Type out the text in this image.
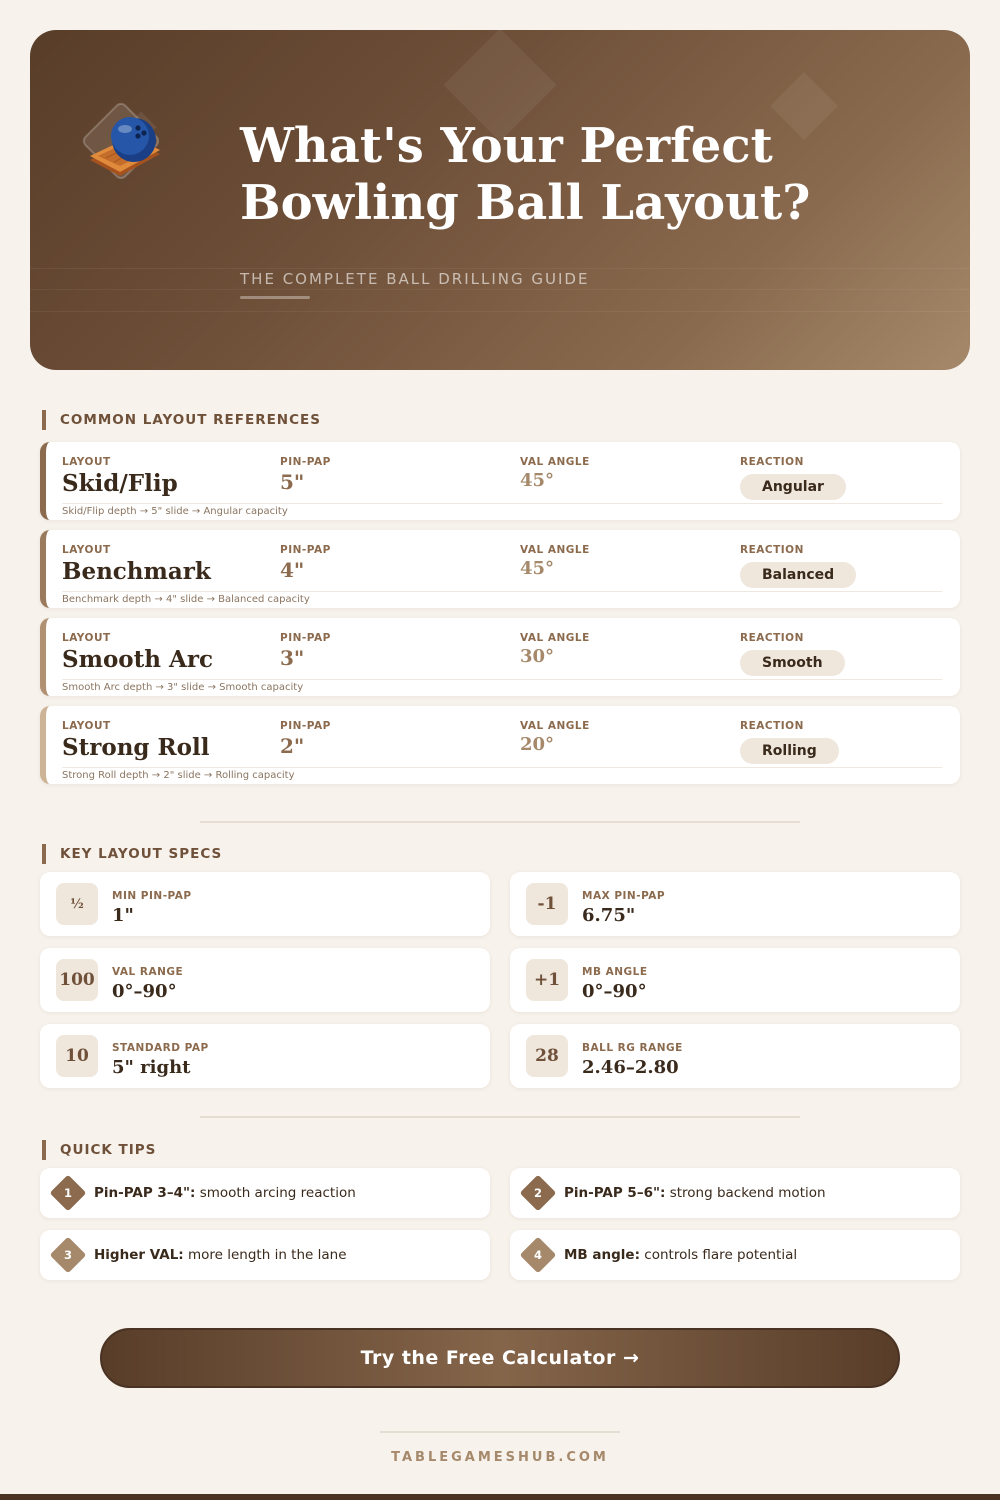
What's Your Perfect
Bowling Ball Layout?
THE COMPLETE BALL DRILLING GUIDE
COMMON LAYOUT REFERENCES
LAYOUT
Skid/Flip
PIN-PAP
5"
VAL ANGLE
45°
REACTION
Angular
Skid/Flip depth → 5" slide → Angular capacity
LAYOUT
Benchmark
PIN-PAP
4"
VAL ANGLE
45°
REACTION
Balanced
Benchmark depth → 4" slide → Balanced capacity
LAYOUT
Smooth Arc
PIN-PAP
3"
VAL ANGLE
30°
REACTION
Smooth
Smooth Arc depth → 3" slide → Smooth capacity
LAYOUT
Strong Roll
PIN-PAP
2"
VAL ANGLE
20°
REACTION
Rolling
Strong Roll depth → 2" slide → Rolling capacity
KEY LAYOUT SPECS
½
MIN PIN-PAP
1"
-1	MAX PIN-PAP
6.75"
100	VAL RANGE
0°–90°
+1	MB ANGLE
0°–90°
10	STANDARD PAP
5" right
28	BALL RG RANGE
2.46–2.80
QUICK TIPS
1	Pin-PAP 3–4": smooth arcing reaction	2	Pin-PAP 5–6": strong backend motion
3	Higher VAL: more length in the lane	4	MB angle: controls flare potential
Try the Free Calculator →
TABLEGAMESHUB.COM
